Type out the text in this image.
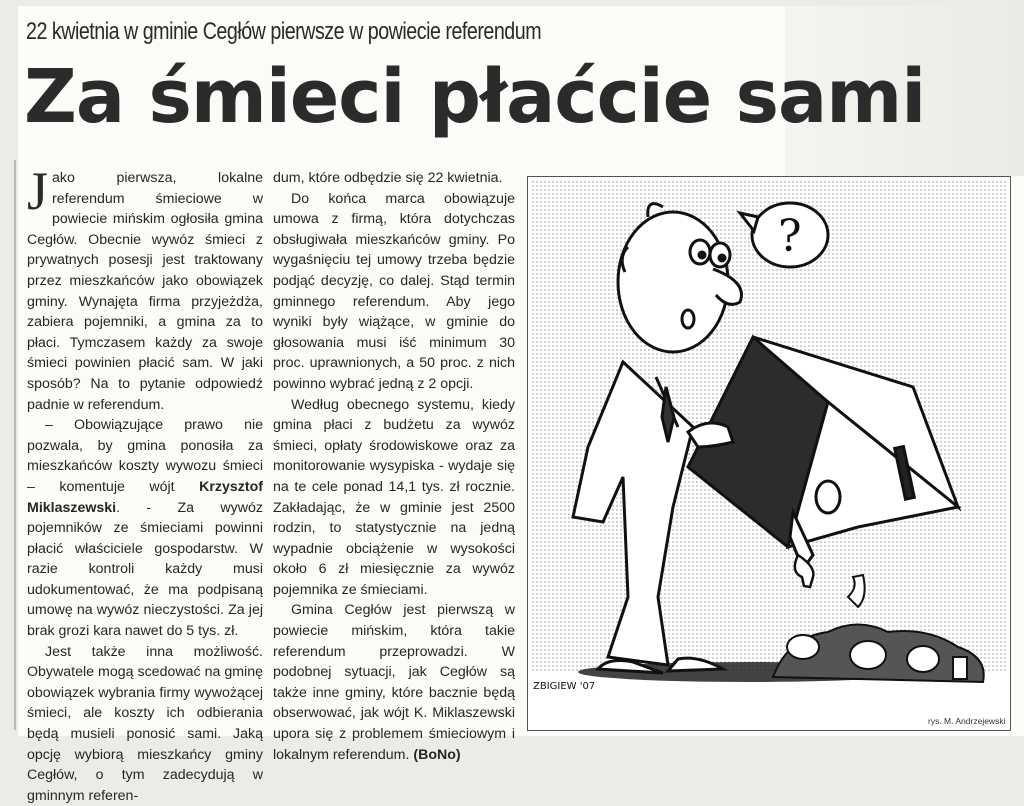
22 kwietnia w gminie Cegłów pierwsze w powiecie referendum
Za śmieci płaćcie sami

J ako pierwsza, lokalne referendum śmieciowe w powiecie mińskim ogłosiła gmina Cegłów. Obecnie wywóz śmieci z prywatnych posesji jest traktowany przez mieszkańców jako obowiązek gminy. Wynajęta firma przyjeżdża, zabiera pojemniki, a gmina za to płaci. Tymczasem każdy za swoje śmieci powinien płacić sam. W jaki sposób? Na to pytanie odpowiedź padnie w referendum.

– Obowiązujące prawo nie pozwala, by gmina ponosiła za mieszkańców koszty wywozu śmieci – komentuje wójt Krzysztof Miklaszewski. - Za wywóz pojemników ze śmieciami powinni płacić właściciele gospodarstw. W razie kontroli każdy musi udokumentować, że ma podpisaną umowę na wywóz nieczystości. Za jej brak grozi kara nawet do 5 tys. zł.

Jest także inna możliwość. Obywatele mogą scedować na gminę obowiązek wybrania firmy wywożącej śmieci, ale koszty ich odbierania będą musieli ponosić sami. Jaką opcję wybiorą mieszkańcy gminy Cegłów, o tym zadecydują w gminnym referen-

dum, które odbędzie się 22 kwietnia.

Do końca marca obowiązuje umowa z firmą, która dotychczas obsługiwała mieszkańców gminy. Po wygaśnięciu tej umowy trzeba będzie podjąć decyzję, co dalej. Stąd termin gminnego referendum. Aby jego wyniki były wiążące, w gminie do głosowania musi iść minimum 30 proc. uprawnionych, a 50 proc. z nich powinno wybrać jedną z 2 opcji.

Według obecnego systemu, kiedy gmina płaci z budżetu za wywóz śmieci, opłaty środowiskowe oraz za monitorowanie wysypiska - wydaje się na te cele ponad 14,1 tys. zł rocznie. Zakładając, że w gminie jest 2500 rodzin, to statystycznie na jedną wypadnie obciążenie w wysokości około 6 zł miesięcznie za wywóz pojemnika ze śmieciami.

Gmina Cegłów jest pierwszą w powiecie mińskim, która takie referendum przeprowadzi. W podobnej sytuacji, jak Cegłów są także inne gminy, które bacznie będą obserwować, jak wójt K. Miklaszewski upora się z problemem śmieciowym i lokalnym referendum. (BoNo)

?
ZBIGIEW '07
rys. M. Andrzejewski
